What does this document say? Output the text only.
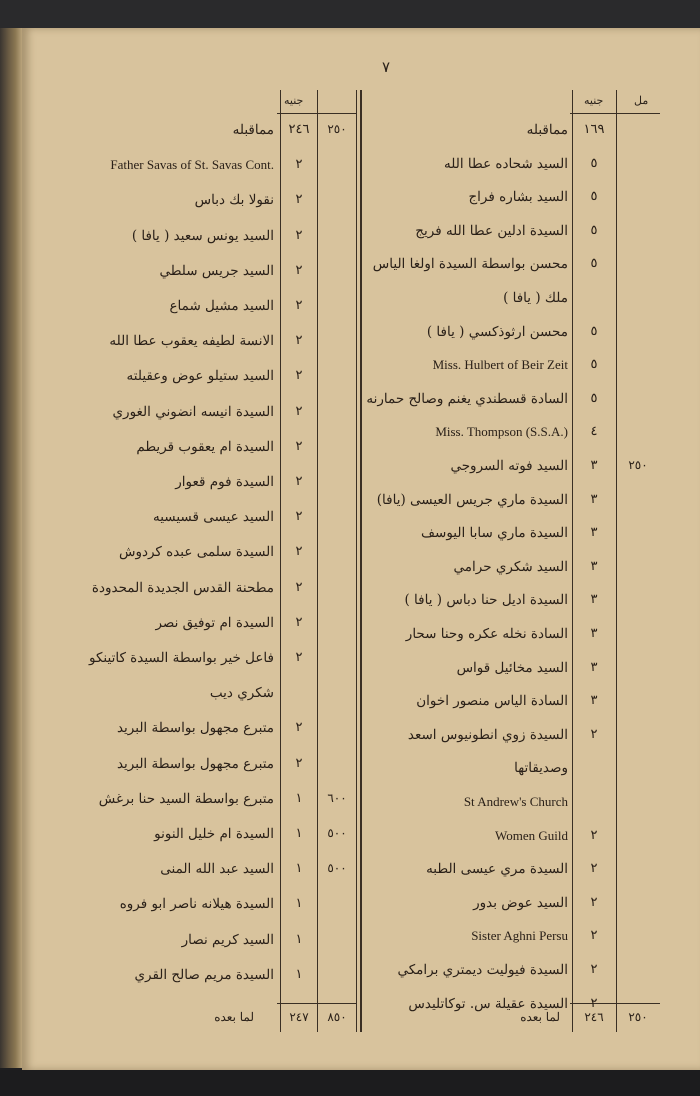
٧
جنيه	جنيه	مل
مماقبله ١٦٩
السيد شحاده عطا الله	٥
السيد بشاره فراج	٥
السيدة ادلين عطا الله فريج	٥
محسن بواسطة السيدة اولغا الياس	٥
ملك ( يافا )
محسن ارثوذكسي ( يافا )	٥
Miss. Hulbert of Beir Zeit	٥
السادة قسطندي يغنم وصالح حمارنه	٥
Miss. Thompson (S.S.A.)	٤
السيد فوته السروجي	٣	٢٥٠
السيدة ماري جريس العيسى (يافا)	٣
السيدة ماري سابا اليوسف	٣
السيد شكري حرامي	٣
السيدة اديل حنا دباس ( يافا )	٣
السادة نخله عكره وحنا سحار	٣
السيد مخائيل قواس	٣
السادة الياس منصور اخوان	٣
السيدة زوي انطونيوس اسعد	٢
وصديقاتها
St Andrew's Church
Women Guild	٢
السيدة مري عيسى الطبه	٢
السيد عوض بدور	٢
Sister Aghni Persu	٢
السيدة فيوليت ديمتري برامكي	٢
السيدة عقيلة س. توكاتليدس	٢
مماقبله ٢٤٦ ٢٥٠
Father Savas of St. Savas Cont.	٢
نقولا بك دباس	٢
السيد يونس سعيد ( يافا )	٢
السيد جريس سلطي	٢
السيد مشيل شماع	٢
الانسة لطيفه يعقوب عطا الله	٢
السيد ستيلو عوض وعقيلته	٢
السيدة انيسه انضوني الغوري	٢
السيدة ام يعقوب قريطم	٢
السيدة فوم قعوار	٢
السيد عيسى قسيسيه	٢
السيدة سلمى عبده كردوش	٢
مطحنة القدس الجديدة المحدودة	٢
السيدة ام توفيق نصر	٢
فاعل خير بواسطة السيدة كاتينكو	٢
شكري ديب
متبرع مجهول بواسطة البريد	٢
متبرع مجهول بواسطة البريد	٢
متبرع بواسطة السيد حنا برغش	١	٦٠٠
السيدة ام خليل النونو	١	٥٠٠
السيد عبد الله المنى	١	٥٠٠
السيدة هيلانه ناصر ابو فروه	١
السيد كريم نصار	١
السيدة مريم صالح القري	١
لما بعده ٢٤٦ ٢٥٠
لما بعده	٢٤٧ ٨٥٠
